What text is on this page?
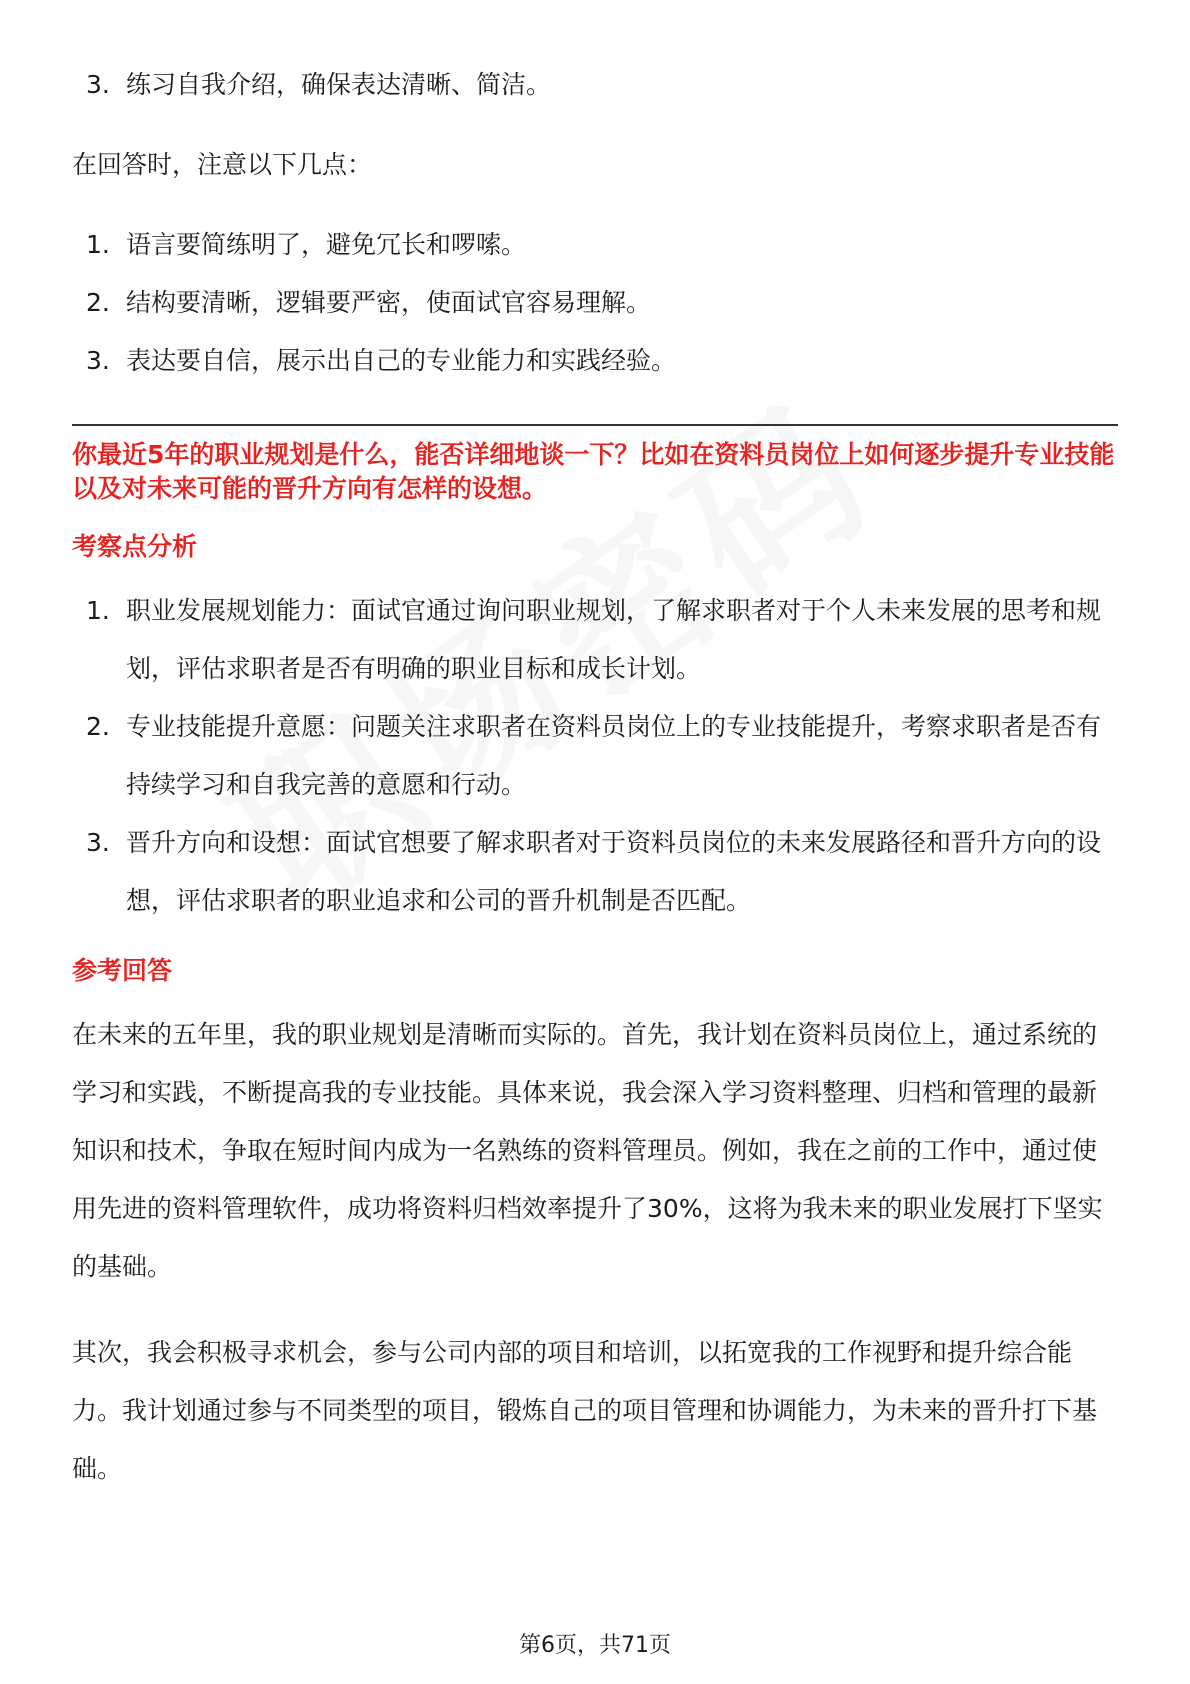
3. 练习自我介绍，确保表达清晰、简洁。

在回答时，注意以下几点：

1. 语言要简练明了，避免冗长和啰嗦。
2. 结构要清晰，逻辑要严密，使面试官容易理解。
3. 表达要自信，展示出自己的专业能力和实践经验。

你最近5年的职业规划是什么，能否详细地谈一下？比如在资料员岗位上如何逐步提升专业技能以及对未来可能的晋升方向有怎样的设想。

考察点分析
1. 职业发展规划能力：面试官通过询问职业规划，了解求职者对于个人未来发展的思考和规划，评估求职者是否有明确的职业目标和成长计划。
2. 专业技能提升意愿：问题关注求职者在资料员岗位上的专业技能提升，考察求职者是否有持续学习和自我完善的意愿和行动。
3. 晋升方向和设想：面试官想要了解求职者对于资料员岗位的未来发展路径和晋升方向的设想，评估求职者的职业追求和公司的晋升机制是否匹配。
参考回答

在未来的五年里，我的职业规划是清晰而实际的。首先，我计划在资料员岗位上，通过系统的学习和实践，不断提高我的专业技能。具体来说，我会深入学习资料整理、归档和管理的最新知识和技术，争取在短时间内成为一名熟练的资料管理员。例如，我在之前的工作中，通过使用先进的资料管理软件，成功将资料归档效率提升了30%，这将为我未来的职业发展打下坚实的基础。

其次，我会积极寻求机会，参与公司内部的项目和培训，以拓宽我的工作视野和提升综合能力。我计划通过参与不同类型的项目，锻炼自己的项目管理和协调能力，为未来的晋升打下基础。

第6页，共71页
